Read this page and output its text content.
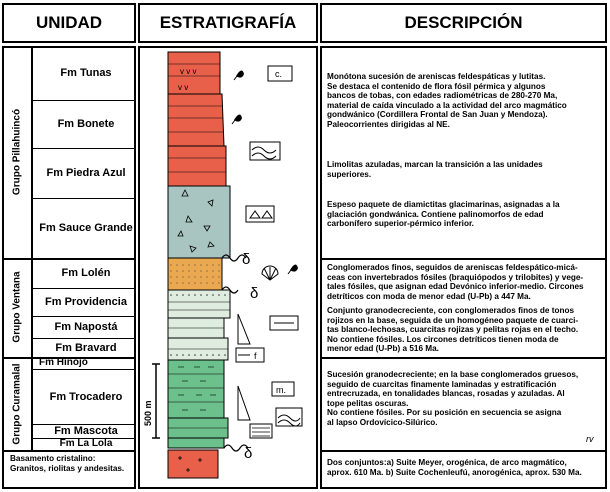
UNIDAD	ESTRATIGRAFÍA	DESCRIPCIÓN
Grupo Pillahuincó
Grupo Ventana
Grupo Curamalal
Fm Tunas
Fm Bonete
Fm Piedra Azul
Fm Sauce Grande
Fm Lolén
Fm Providencia
Fm Napostá
Fm Bravard
Fm Hinojo
Fm Trocadero
Fm Mascota
Fm La Lola
Basamento cristalino:
Granitos, riolitas y andesitas.
v v v
v v
δ
δ
δ
c.
f
m.
500 m
Monótona sucesión de areniscas feldespáticas y lutitas.
Se destaca el contenido de flora fósil pérmica y algunos
bancos de tobas, con edades radiométricas de 280-270 Ma,
material de caída vinculado a la actividad del arco magmático
gondwánico (Cordillera Frontal de San Juan y Mendoza).
Paleocorrientes dirigidas al NE.
Limolitas azuladas, marcan la transición a las unidades
superiores.
Espeso paquete de diamictitas glacimarinas, asignadas a la
glaciación gondwánica. Contiene palinomorfos de edad
carbonífero superior-pérmico inferior.
Conglomerados finos, seguidos de areniscas feldespático-micá-
ceas con invertebrados fósiles (braquiópodos y trilobites) y vege-
tales fósiles, que asignan edad Devónico inferior-medio. Circones
detríticos con moda de menor edad (U-Pb) a 447 Ma.
Conjunto granodecreciente, con conglomerados finos de tonos
rojizos en la base, seguida de un homogéneo paquete de cuarci-
tas blanco-lechosas, cuarcitas rojizas y pelitas rojas en el techo.
No contiene fósiles. Los circones detríticos tienen moda de
menor edad (U-Pb) a 516 Ma.
Sucesión granodecreciente; en la base conglomerados gruesos,
seguido de cuarcitas finamente laminadas y estratificación
entrecruzada, en tonalidades blancas, rosadas y azuladas. Al
tope pelitas oscuras.
No contiene fósiles. Por su posición en secuencia se asigna
al lapso Ordovícico-Silúrico.
rv
Dos conjuntos:a) Suite Meyer, orogénica, de arco magmático,
aprox. 610 Ma. b) Suite Cochenleufú, anorogénica, aprox. 530 Ma.
